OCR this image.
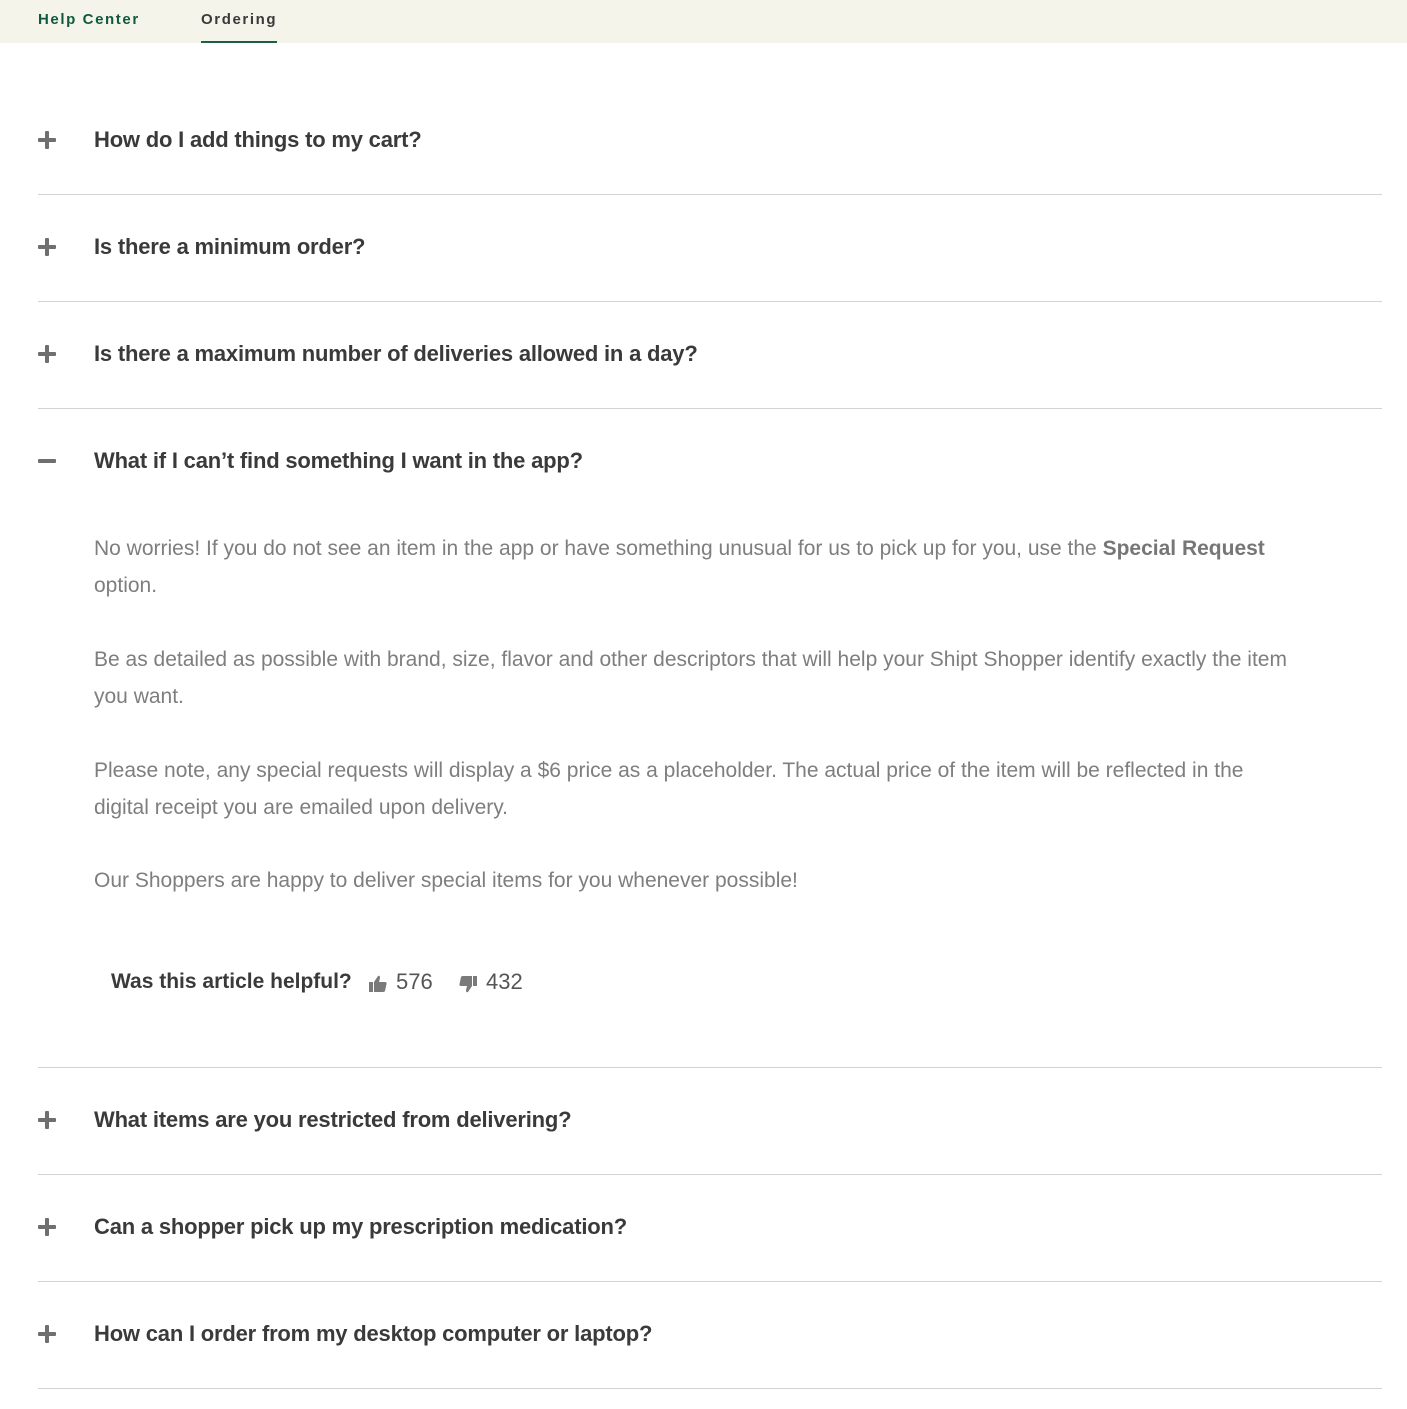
Help Center	Ordering
How do I add things to my cart?
Is there a minimum order?
Is there a maximum number of deliveries allowed in a day?
What if I can’t find something I want in the app?
What items are you restricted from delivering?
Can a shopper pick up my prescription medication?
How can I order from my desktop computer or laptop?

No worries! If you do not see an item in the app or have something unusual for us to pick up for you, use the Special Request option.

Be as detailed as possible with brand, size, flavor and other descriptors that will help your Shipt Shopper identify exactly the item you want.

Please note, any special requests will display a $6 price as a placeholder. The actual price of the item will be reflected in the digital receipt you are emailed upon delivery.

Our Shoppers are happy to deliver special items for you whenever possible!

Was this article helpful? 576 432
